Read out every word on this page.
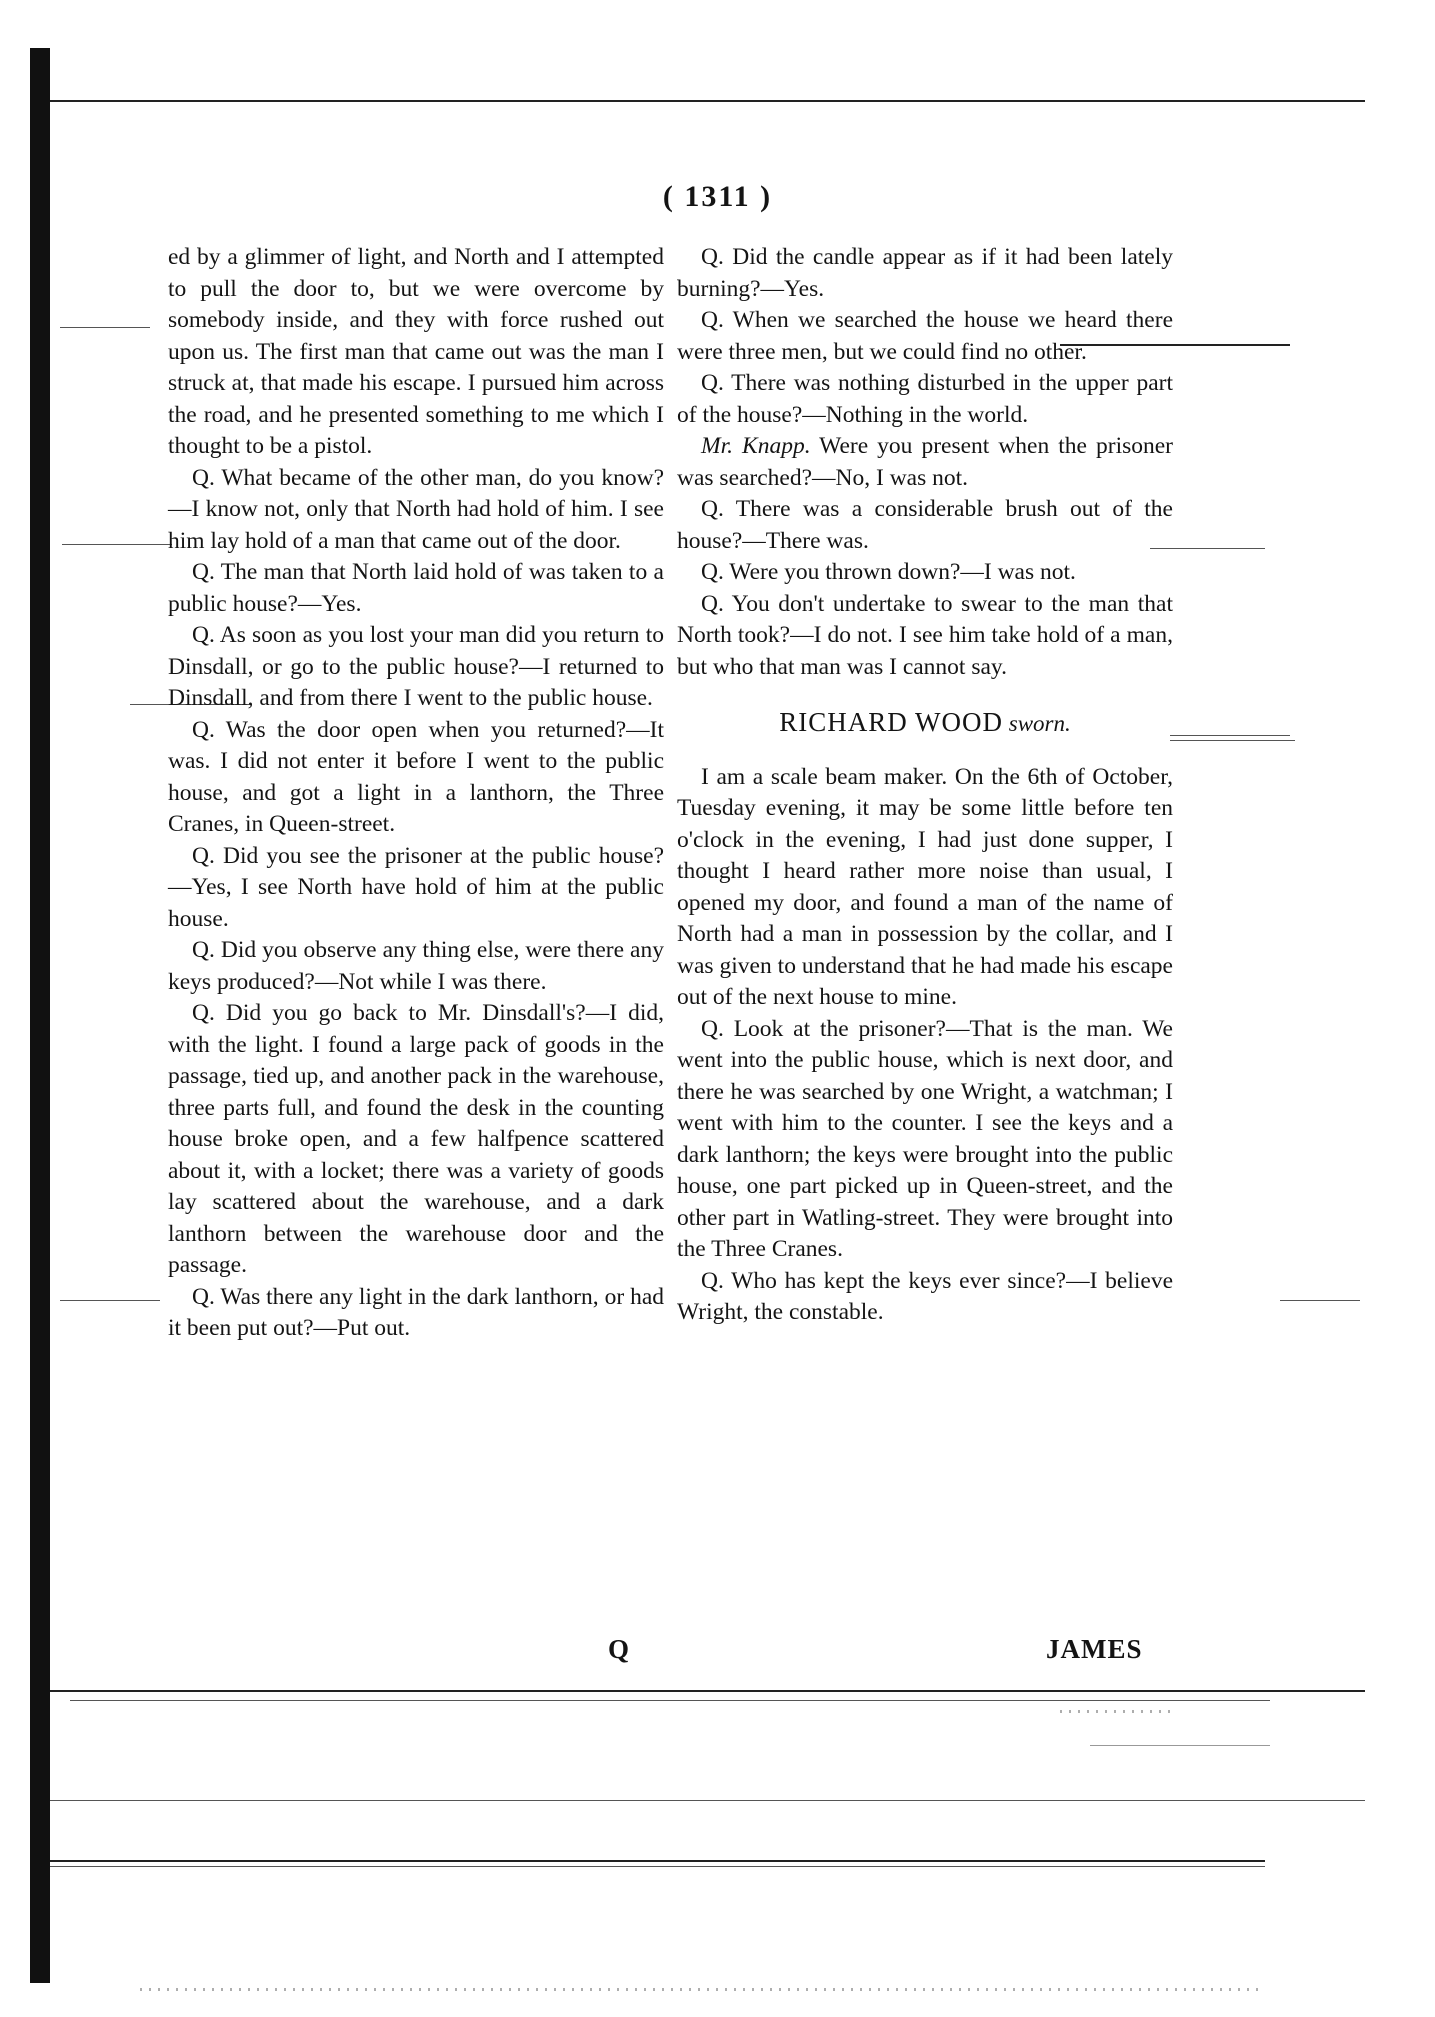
( 1311 )

ed by a glimmer of light, and North and I attempted to pull the door to, but we were overcome by somebody inside, and they with force rushed out upon us. The first man that came out was the man I struck at, that made his escape. I pursued him across the road, and he presented something to me which I thought to be a pistol.

Q. What became of the other man, do you know?—I know not, only that North had hold of him. I see him lay hold of a man that came out of the door.

Q. The man that North laid hold of was taken to a public house?—Yes.

Q. As soon as you lost your man did you return to Dinsdall, or go to the public house?—I returned to Dinsdall, and from there I went to the public house.

Q. Was the door open when you returned?—It was. I did not enter it before I went to the public house, and got a light in a lanthorn, the Three Cranes, in Queen-street.

Q. Did you see the prisoner at the public house?—Yes, I see North have hold of him at the public house.

Q. Did you observe any thing else, were there any keys produced?—Not while I was there.

Q. Did you go back to Mr. Dinsdall's?—I did, with the light. I found a large pack of goods in the passage, tied up, and another pack in the warehouse, three parts full, and found the desk in the counting house broke open, and a few halfpence scattered about it, with a locket; there was a variety of goods lay scattered about the warehouse, and a dark lanthorn between the warehouse door and the passage.

Q. Was there any light in the dark lanthorn, or had it been put out?—Put out.

Q. Did the candle appear as if it had been lately burning?—Yes.

Q. When we searched the house we heard there were three men, but we could find no other.

Q. There was nothing disturbed in the upper part of the house?—Nothing in the world.

Mr. Knapp. Were you present when the prisoner was searched?—No, I was not.

Q. There was a considerable brush out of the house?—There was.

Q. Were you thrown down?—I was not.

Q. You don't undertake to swear to the man that North took?—I do not. I see him take hold of a man, but who that man was I cannot say.

RICHARD WOOD sworn.

I am a scale beam maker. On the 6th of October, Tuesday evening, it may be some little before ten o'clock in the evening, I had just done supper, I thought I heard rather more noise than usual, I opened my door, and found a man of the name of North had a man in possession by the collar, and I was given to understand that he had made his escape out of the next house to mine.

Q. Look at the prisoner?—That is the man. We went into the public house, which is next door, and there he was searched by one Wright, a watchman; I went with him to the counter. I see the keys and a dark lanthorn; the keys were brought into the public house, one part picked up in Queen-street, and the other part in Watling-street. They were brought into the Three Cranes.

Q. Who has kept the keys ever since?—I believe Wright, the constable.

Q	JAMES
